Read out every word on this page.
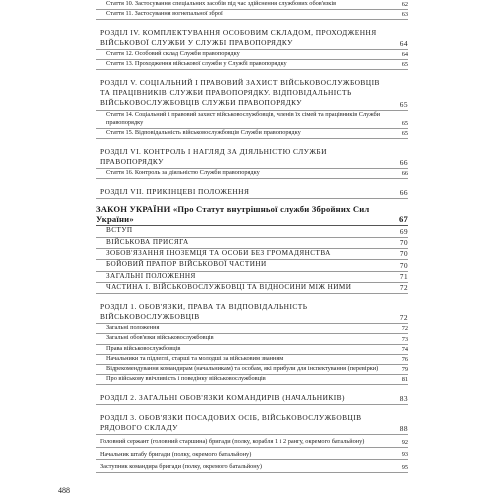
Стаття 10. Застосування спеціальних засобів під час здійснення службових обов'язків	62
Стаття 11. Застосування вогнепальної зброї	63
РОЗДІЛ IV. КОМПЛЕКТУВАННЯ ОСОБОВИМ СКЛАДОМ, ПРОХОДЖЕННЯ ВІЙСЬКОВОЇ СЛУЖБИ У СЛУЖБІ ПРАВОПОРЯДКУ	64
Стаття 12. Особовий склад Служби правопорядку	64
Стаття 13. Проходження військової служби у Службі правопорядку	65
РОЗДІЛ V. СОЦІАЛЬНИЙ І ПРАВОВИЙ ЗАХИСТ ВІЙСЬКОВОСЛУЖБОВЦІВ ТА ПРАЦІВНИКІВ СЛУЖБИ ПРАВОПОРЯДКУ. ВІДПОВІДАЛЬНІСТЬ ВІЙСЬКОВОСЛУЖБОВЦІВ СЛУЖБИ ПРАВОПОРЯДКУ	65
Стаття 14. Соціальний і правовий захист військовослужбовців, членів їх сімей та працівників Служби правопорядку	65
Стаття 15. Відповідальність військовослужбовців Служби правопорядку	65
РОЗДІЛ VI. КОНТРОЛЬ І НАГЛЯД ЗА ДІЯЛЬНІСТЮ СЛУЖБИ ПРАВОПОРЯДКУ	66
Стаття 16. Контроль за діяльністю Служби правопорядку	66
РОЗДІЛ VII. ПРИКІНЦЕВІ ПОЛОЖЕННЯ	66
ЗАКОН УКРАЇНИ «Про Статут внутрішньої служби Збройних Сил України»	67
ВСТУП	69
ВІЙСЬКОВА ПРИСЯГА	70
ЗОБОВ'ЯЗАННЯ ІНОЗЕМЦЯ ТА ОСОБИ БЕЗ ГРОМАДЯНСТВА	70
БОЙОВИЙ ПРАПОР ВІЙСЬКОВОЇ ЧАСТИНИ	70
ЗАГАЛЬНІ ПОЛОЖЕННЯ	71
ЧАСТИНА І. ВІЙСЬКОВОСЛУЖБОВЦІ ТА ВІДНОСИНИ МІЖ НИМИ	72
РОЗДІЛ 1. ОБОВ'ЯЗКИ, ПРАВА ТА ВІДПОВІДАЛЬНІСТЬ ВІЙСЬКОВОСЛУЖБОВЦІВ	72
Загальні положення	72
Загальні обов'язки військовослужбовців	73
Права військовослужбовців	74
Начальники та підлеглі, старші та молодші за військовим званням	76
Відрекомендування командирам (начальникам) та особам, які прибули для інспектування (перевірки)	79
Про військову ввічливість і поведінку військовослужбовців	81
РОЗДІЛ 2. ЗАГАЛЬНІ ОБОВ'ЯЗКИ КОМАНДИРІВ (НАЧАЛЬНИКІВ)	83
РОЗДІЛ 3. ОБОВ'ЯЗКИ ПОСАДОВИХ ОСІБ, ВІЙСЬКОВОСЛУЖБОВЦІВ РЯДОВОГО СКЛАДУ	88
Головний сержант (головний старшина) бригади (полку, корабля 1 і 2 рангу, окремого батальйону)	92
Начальник штабу бригади (полку, окремого батальйону)	93
Заступник командира бригади (полку, окремого батальйону)	95
488
